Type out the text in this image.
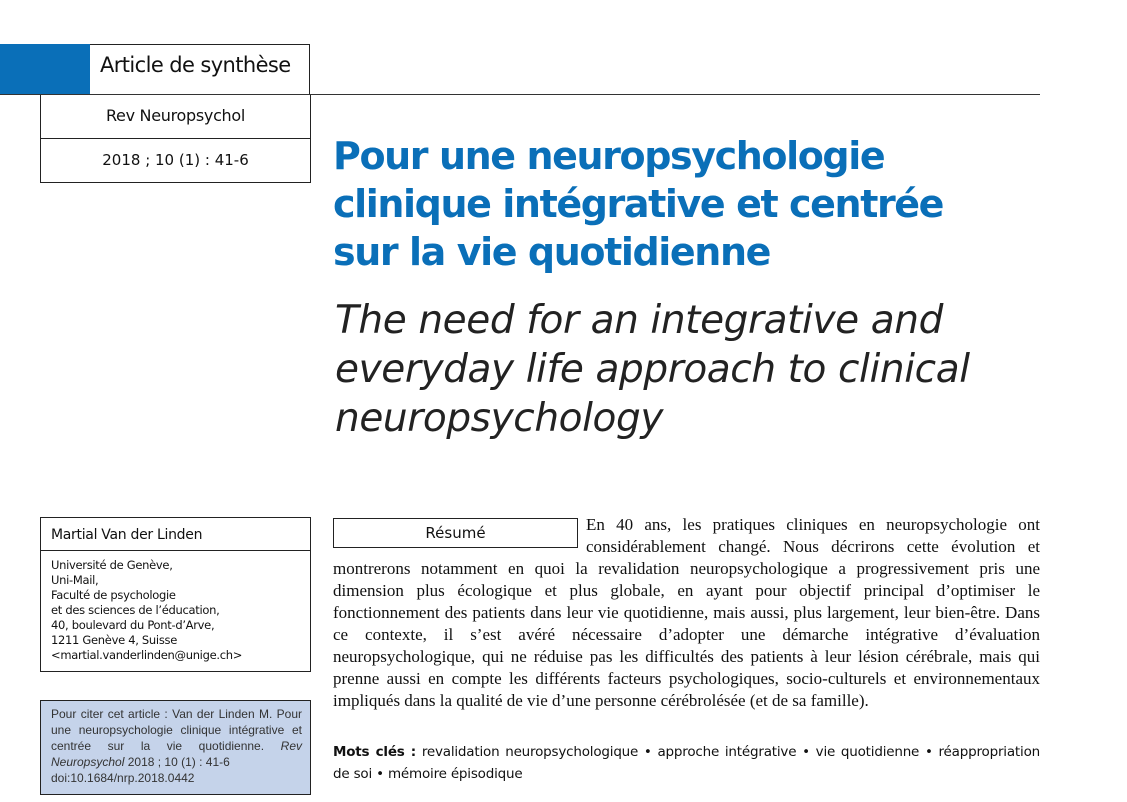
Article de synthèse
Rev Neuropsychol
2018 ; 10 (1) : 41-6	Pour une neuropsychologie clinique intégrative et centrée sur la vie quotidienne
The need for an integrative and everyday life approach to clinical neuropsychology
Martial Van der Linden
Université de Genève,
Uni-Mail,
Faculté de psychologie
et des sciences de l’éducation,
40, boulevard du Pont-d’Arve,
1211 Genève 4, Suisse
<martial.vanderlinden@unige.ch>
Pour citer cet article : Van der Linden M. Pour une neuropsychologie clinique intégrative et centrée sur la vie quotidienne. Rev Neuropsychol 2018 ; 10 (1) : 41-6
doi:10.1684/nrp.2018.0442
Résumé	En 40 ans, les pratiques cliniques en neuropsychologie ont considérablement changé. Nous décrirons cette évolution et montrerons notamment en quoi la revalidation neuropsychologique a progressivement pris une dimension plus écologique et plus globale, en ayant pour objectif principal d’optimiser le fonctionnement des patients dans leur vie quotidienne, mais aussi, plus largement, leur bien-être. Dans ce contexte, il s’est avéré nécessaire d’adopter une démarche intégrative d’évaluation neuropsychologique, qui ne réduise pas les difficultés des patients à leur lésion cérébrale, mais qui prenne aussi en compte les différents facteurs psychologiques, socio-culturels et environnementaux impliqués dans la qualité de vie d’une personne cérébrolésée (et de sa famille).

Mots clés : revalidation neuropsychologique • approche intégrative • vie quotidienne • réappropriation de soi • mémoire épisodique
